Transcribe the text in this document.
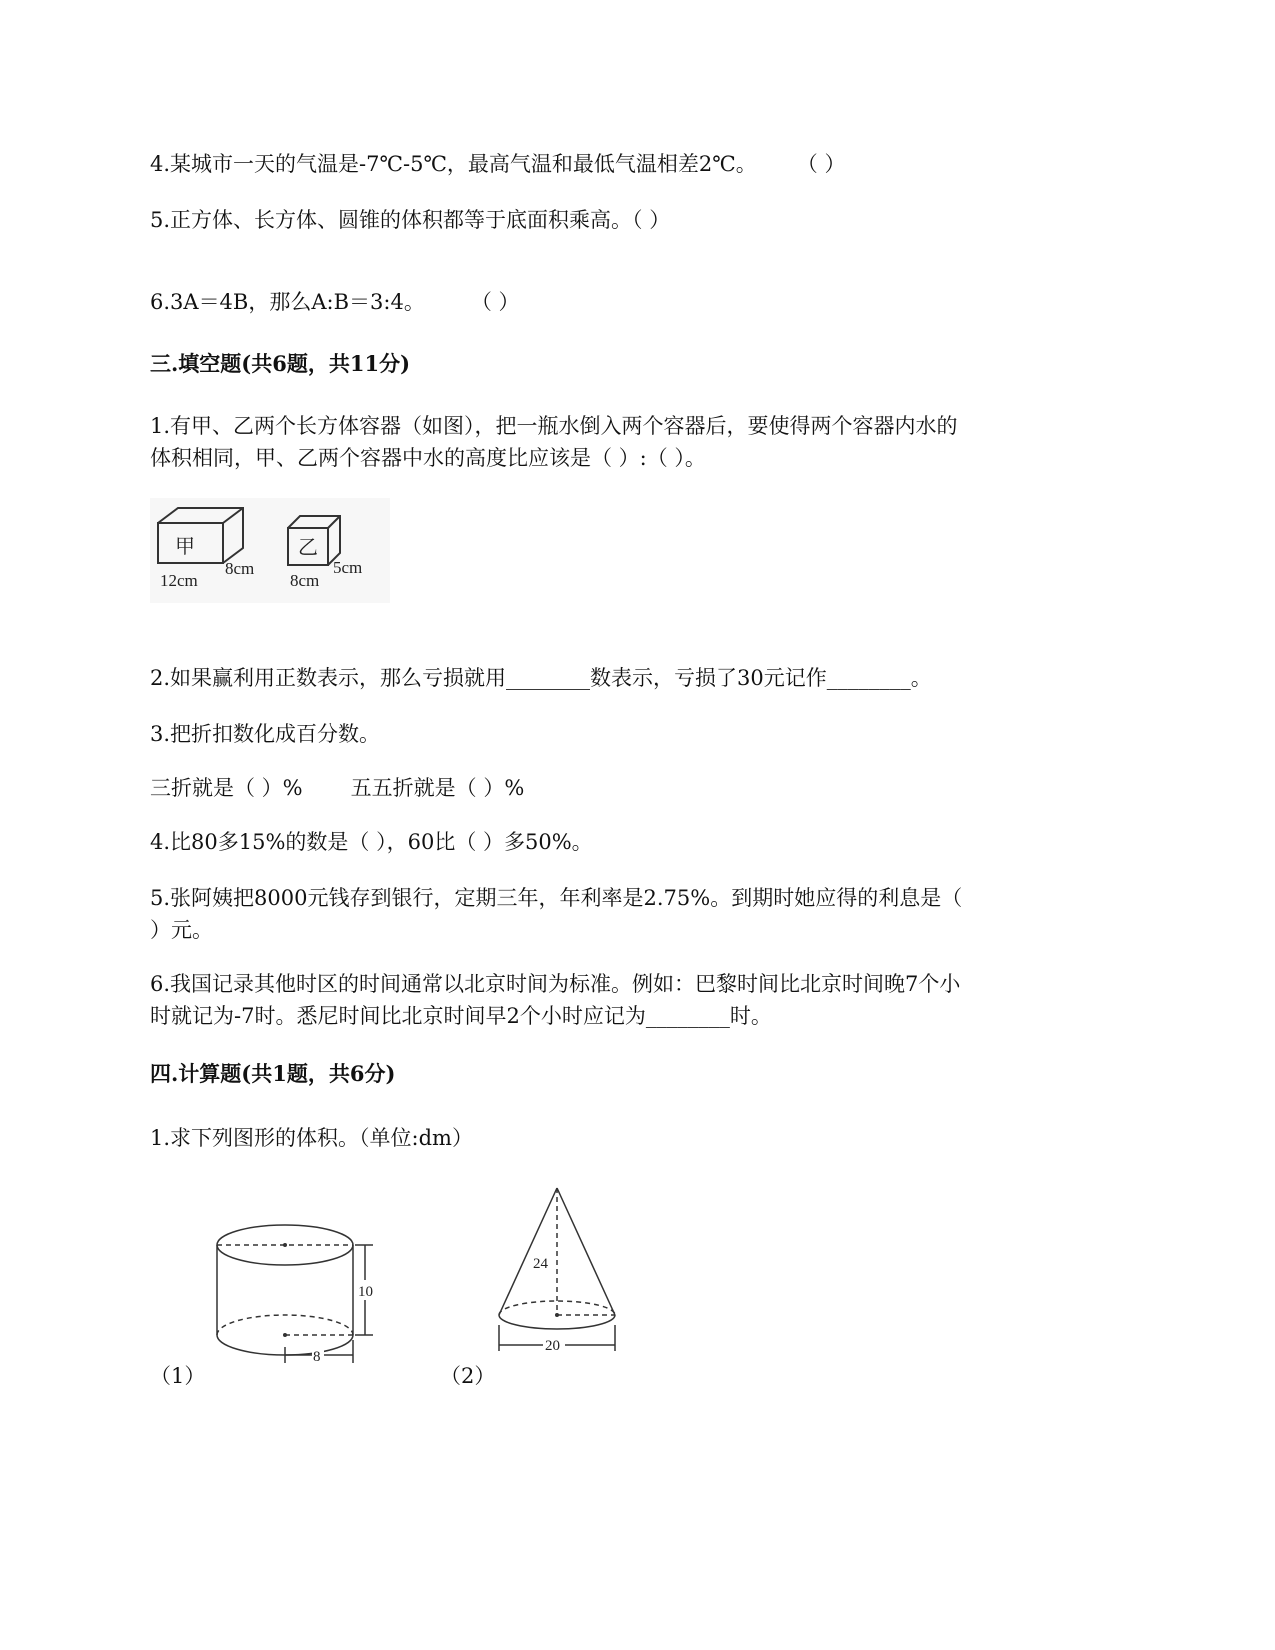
4.某城市一天的气温是-7℃-5℃，最高气温和最低气温相差2℃。 （ ）
5.正方体、长方体、圆锥的体积都等于底面积乘高。（ ）
6.3A＝4B，那么A:B＝3:4。 （ ）
三.填空题(共6题，共11分)
1.有甲、乙两个长方体容器（如图），把一瓶水倒入两个容器后，要使得两个容器内水的
体积相同，甲、乙两个容器中水的高度比应该是（ ）:（ ）。
甲
8cm
12cm
乙
5cm
8cm
2.如果赢利用正数表示，那么亏损就用________数表示，亏损了30元记作________。
3.把折扣数化成百分数。
三折就是（ ）% 五五折就是（ ）%
4.比80多15%的数是（ ），60比（ ）多50%。
5.张阿姨把8000元钱存到银行，定期三年，年利率是2.75%。到期时她应得的利息是（
）元。
6.我国记录其他时区的时间通常以北京时间为标准。例如：巴黎时间比北京时间晚7个小
时就记为-7时。悉尼时间比北京时间早2个小时应记为________时。
四.计算题(共1题，共6分)
1.求下列图形的体积。（单位:dm）
（1）
10
8
（2）
24
20
